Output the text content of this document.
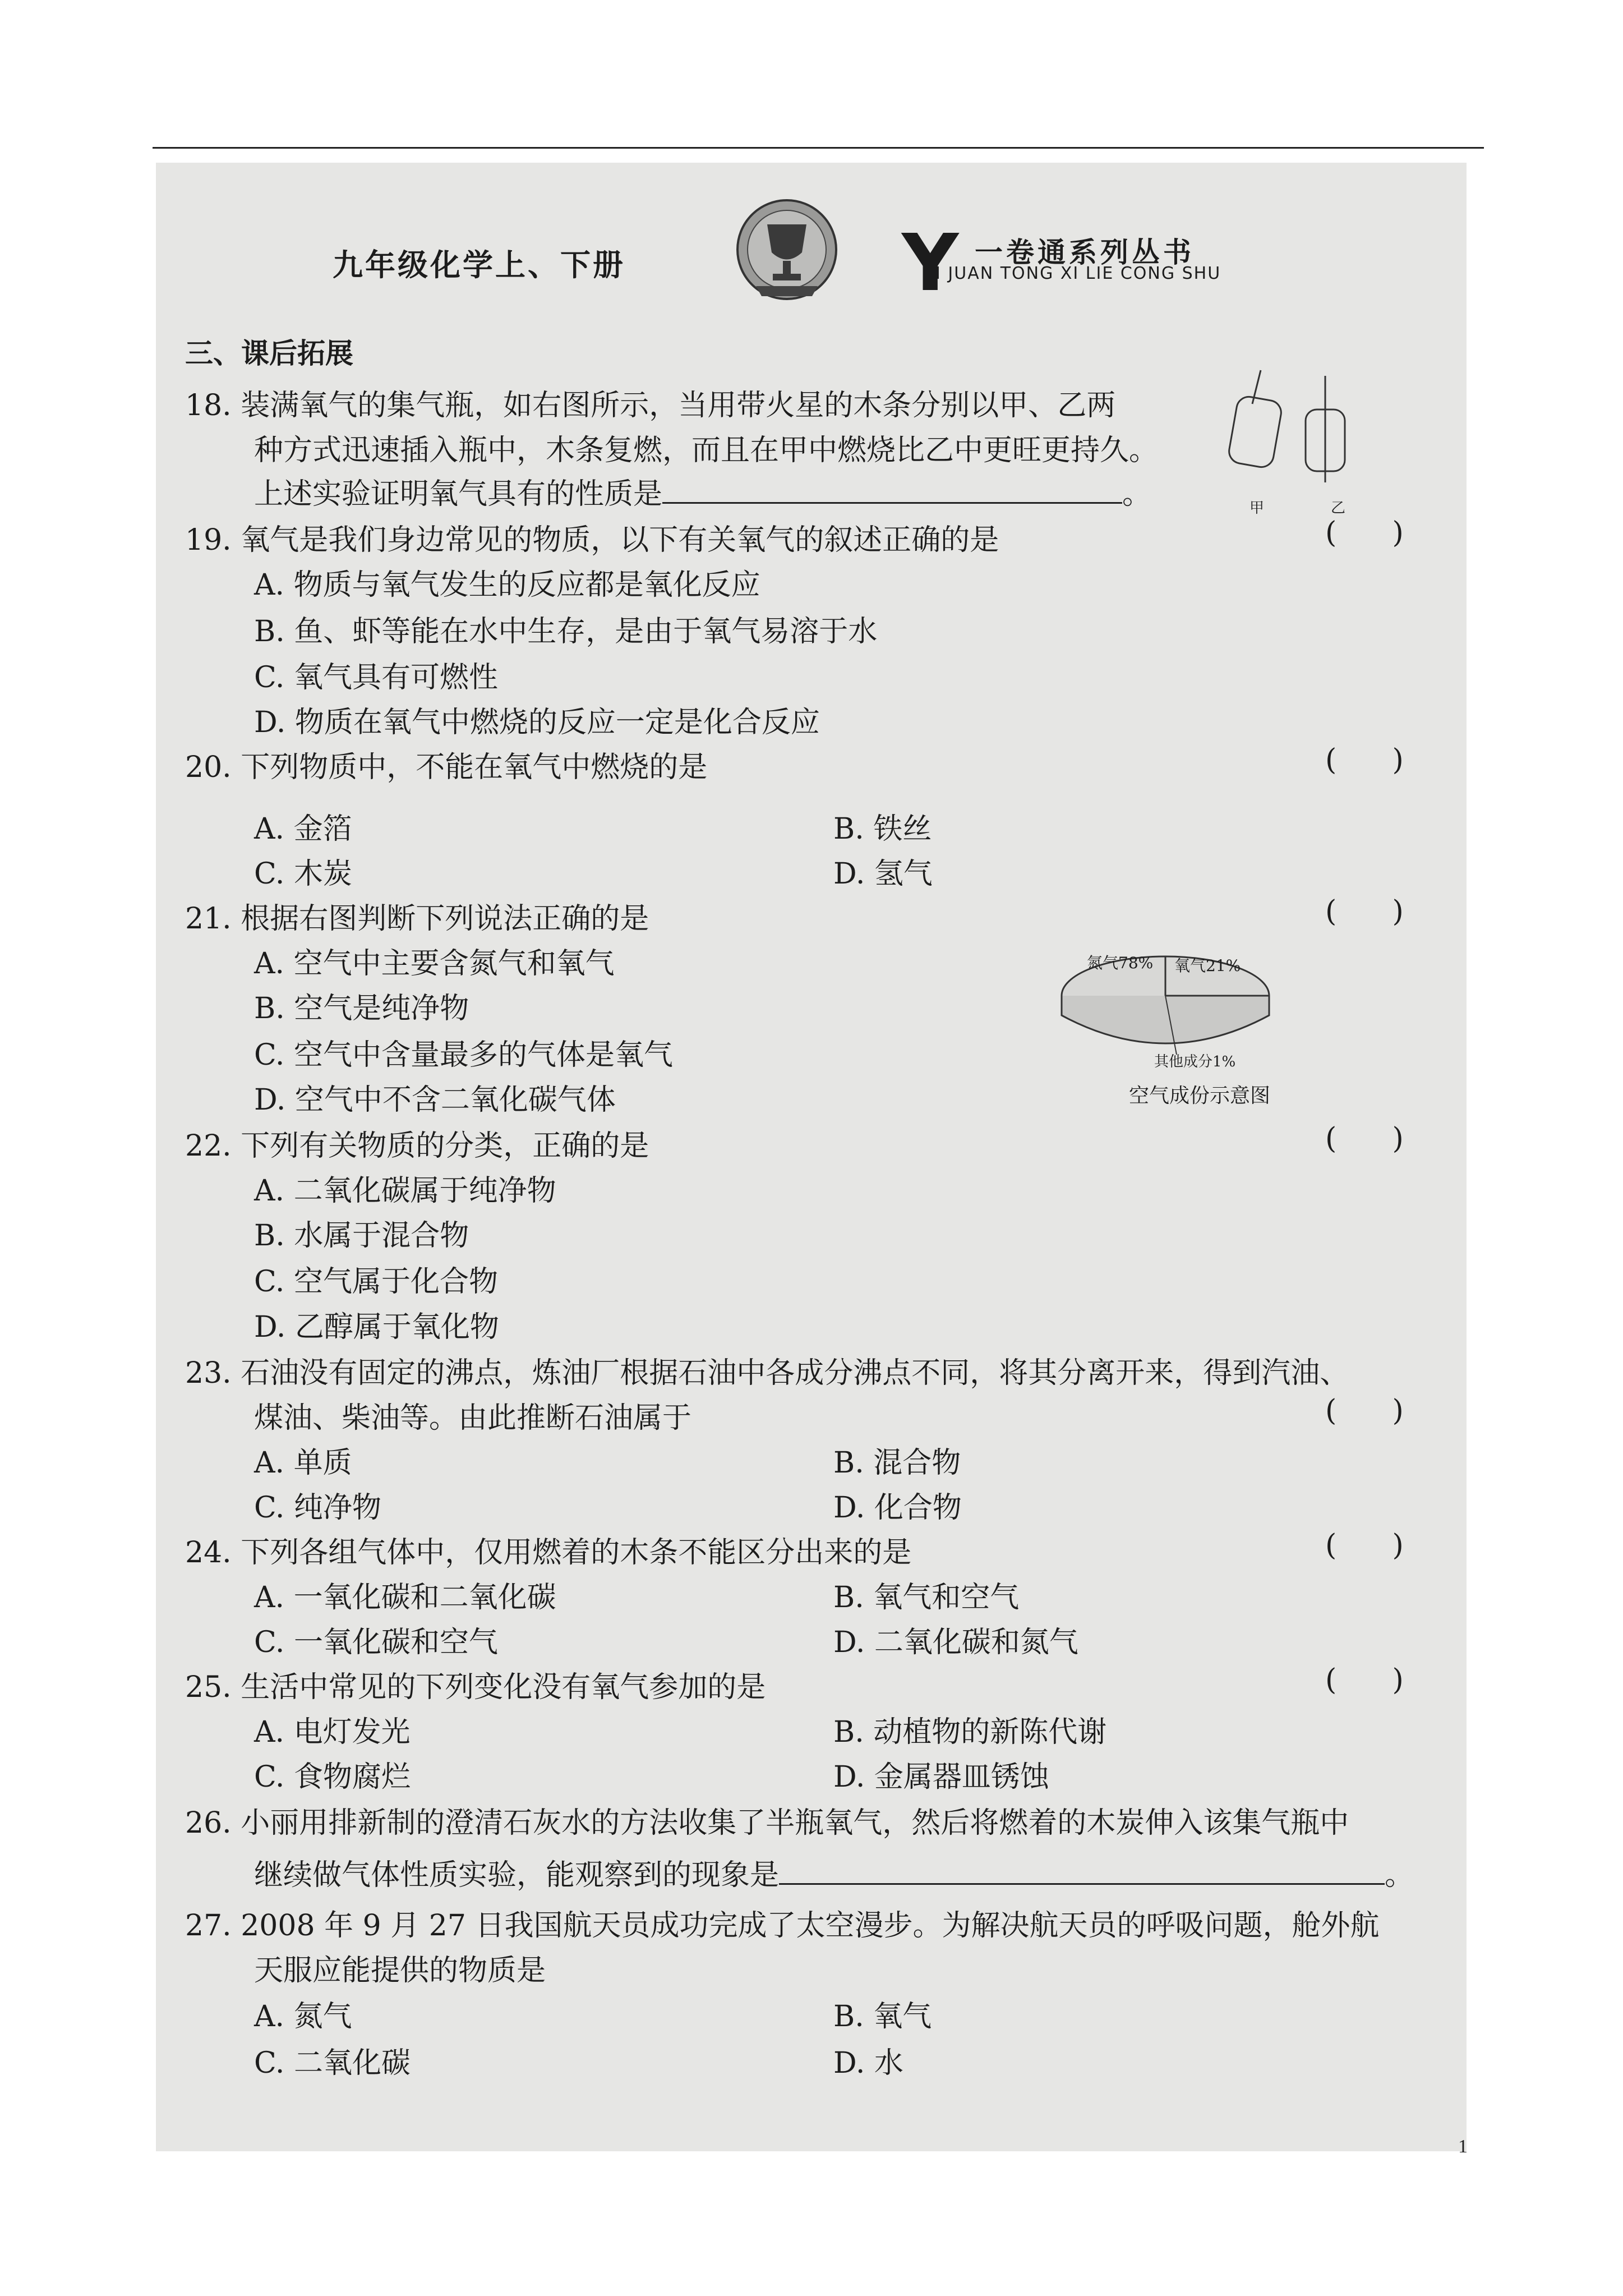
九年级化学上、下册	Y 一卷通系列丛书
I JUAN TONG XI LIE CONG SHU
三、课后拓展
18. 装满氧气的集气瓶，如右图所示，当用带火星的木条分别以甲、乙两
种方式迅速插入瓶中，木条复燃，而且在甲中燃烧比乙中更旺更持久。
上述实验证明氧气具有的性质是	。	甲	乙
19. 氧气是我们身边常见的物质，以下有关氧气的叙述正确的是	(      )
A. 物质与氧气发生的反应都是氧化反应
B. 鱼、虾等能在水中生存，是由于氧气易溶于水
C. 氧气具有可燃性
D. 物质在氧气中燃烧的反应一定是化合反应
20. 下列物质中，不能在氧气中燃烧的是	(      )
A. 金箔	B. 铁丝
C. 木炭	D. 氢气
21. 根据右图判断下列说法正确的是	(      )
A. 空气中主要含氮气和氧气
B. 空气是纯净物
C. 空气中含量最多的气体是氧气
D. 空气中不含二氧化碳气体
氮气78% 氧气21%
其他成分1%
空气成份示意图
22. 下列有关物质的分类，正确的是	(      )
A. 二氧化碳属于纯净物
B. 水属于混合物
C. 空气属于化合物
D. 乙醇属于氧化物
23. 石油没有固定的沸点，炼油厂根据石油中各成分沸点不同，将其分离开来，得到汽油、
煤油、柴油等。由此推断石油属于	(      )
A. 单质	B. 混合物
C. 纯净物	D. 化合物
24. 下列各组气体中，仅用燃着的木条不能区分出来的是	(      )
A. 一氧化碳和二氧化碳	B. 氧气和空气
C. 一氧化碳和空气	D. 二氧化碳和氮气
25. 生活中常见的下列变化没有氧气参加的是	(      )
A. 电灯发光	B. 动植物的新陈代谢
C. 食物腐烂	D. 金属器皿锈蚀
26. 小丽用排新制的澄清石灰水的方法收集了半瓶氧气，然后将燃着的木炭伸入该集气瓶中
继续做气体性质实验，能观察到的现象是	。
27. 2008 年 9 月 27 日我国航天员成功完成了太空漫步。为解决航天员的呼吸问题，舱外航
天服应能提供的物质是
A. 氮气	B. 氧气
C. 二氧化碳	D. 水
1
